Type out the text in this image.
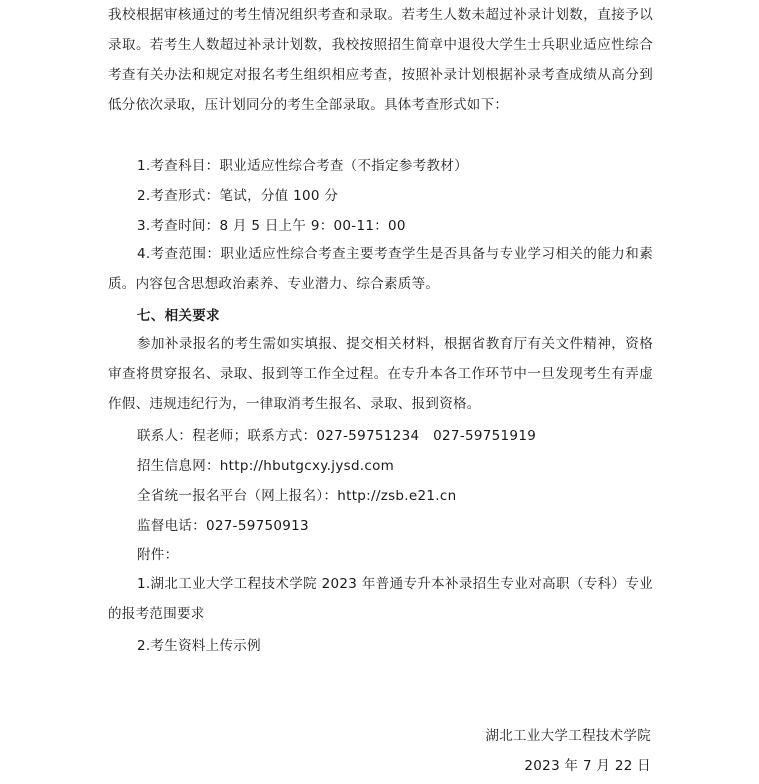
我校根据审核通过的考生情况组织考查和录取。若考生人数未超过补录计划数，直接予以录取。若考生人数超过补录计划数，我校按照招生简章中退役大学生士兵职业适应性综合考查有关办法和规定对报名考生组织相应考查，按照补录计划根据补录考查成绩从高分到低分依次录取，压计划同分的考生全部录取。具体考查形式如下：

1.考查科目：职业适应性综合考查（不指定参考教材）
2.考查形式：笔试，分值 100 分
3.考查时间：8 月 5 日上午 9：00-11：00

4.考查范围：职业适应性综合考查主要考查学生是否具备与专业学习相关的能力和素质。内容包含思想政治素养、专业潜力、综合素质等。

七、相关要求

参加补录报名的考生需如实填报、提交相关材料，根据省教育厅有关文件精神，资格审查将贯穿报名、录取、报到等工作全过程。在专升本各工作环节中一旦发现考生有弄虚作假、违规违纪行为，一律取消考生报名、录取、报到资格。

联系人：程老师；联系方式：027-59751234　027-59751919
招生信息网：http://hbutgcxy.jysd.com
全省统一报名平台（网上报名）：http://zsb.e21.cn
监督电话：027-59750913
附件：

1.湖北工业大学工程技术学院 2023 年普通专升本补录招生专业对高职（专科）专业的报考范围要求

2.考生资料上传示例
湖北工业大学工程技术学院
2023 年 7 月 22 日
